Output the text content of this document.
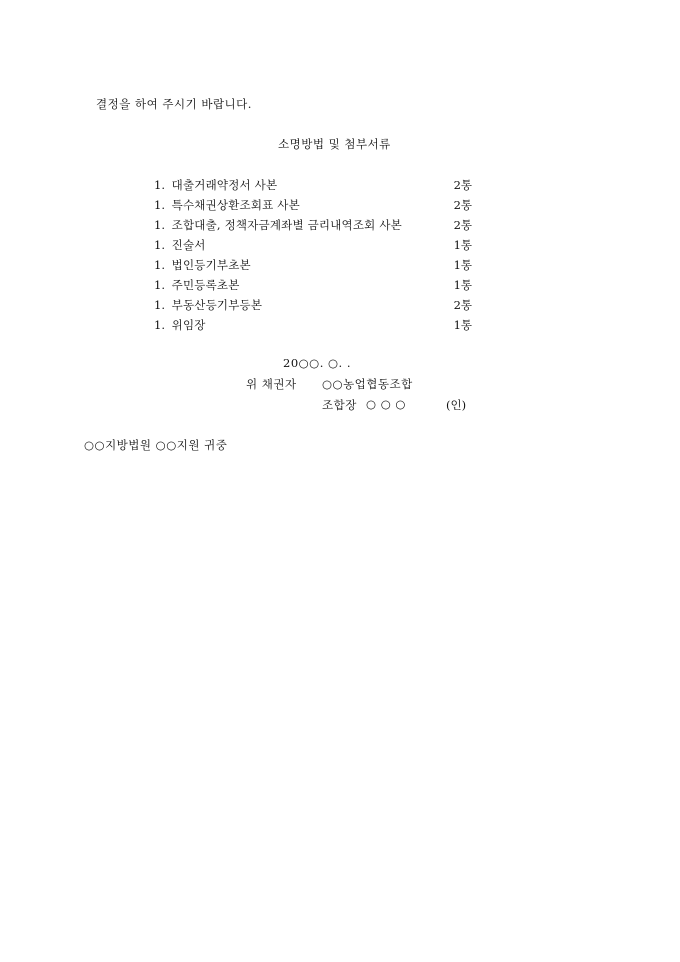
결정을 하여 주시기 바랍니다.
소명방법 및 첨부서류
1. 대출거래약정서 사본	2통
1. 특수채권상환조회표 사본	2통
1. 조합대출, 정책자금계좌별 금리내역조회 사본	2통
1. 진술서	1통
1. 법인등기부초본	1통
1. 주민등록초본	1통
1. 부동산등기부등본	2통
1. 위임장	1통
20○○. ○. .
위 채권자 ○○농업협동조합
조합장 ○ ○ ○	(인)
○○지방법원 ○○지원 귀중
